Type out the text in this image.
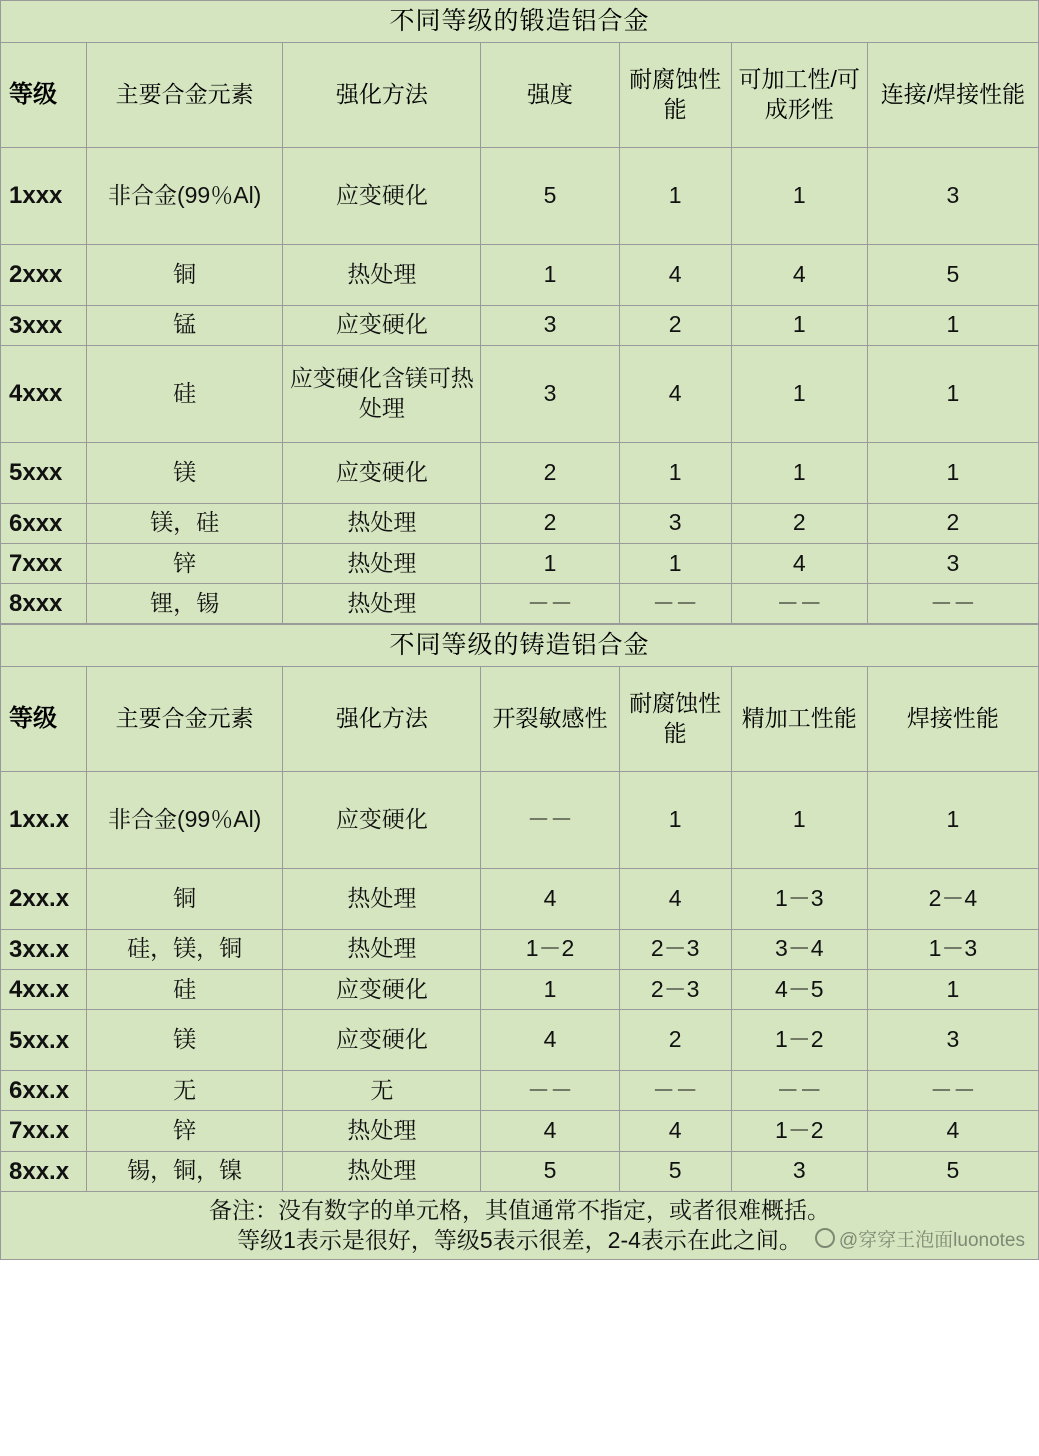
不同等级的锻造铝合金						
等级	主要合金元素	强化方法	强度	耐腐蚀性能	可加工性/可成形性	连接/焊接性能
1xxx	非合金(99％Al)	应变硬化	5	1	1	3
2xxx	铜	热处理	1	4	4	5
3xxx	锰	应变硬化	3	2	1	1
4xxx	硅	应变硬化含镁可热处理	3	4	1	1
5xxx	镁	应变硬化	2	1	1	1
6xxx	镁，硅	热处理	2	3	2	2
7xxx	锌	热处理	1	1	4	3
8xxx	锂，锡	热处理	－－	－－	－－	－－
不同等级的铸造铝合金						
等级	主要合金元素	强化方法	开裂敏感性	耐腐蚀性能	精加工性能	焊接性能
1xx.x	非合金(99％Al)	应变硬化	－－	1	1	1
2xx.x	铜	热处理	4	4	1－3	2－4
3xx.x	硅，镁，铜	热处理	1－2	2－3	3－4	1－3
4xx.x	硅	应变硬化	1	2－3	4－5	1
5xx.x	镁	应变硬化	4	2	1－2	3
6xx.x	无	无	－－	－－	－－	－－
7xx.x	锌	热处理	4	4	1－2	4
8xx.x	锡，铜，镍	热处理	5	5	3	5

备注：没有数字的单元格，其值通常不指定，或者很难概括。
等级1表示是很好，等级5表示很差，2-4表示在此之间。							@穿穿王泡面luonotes
